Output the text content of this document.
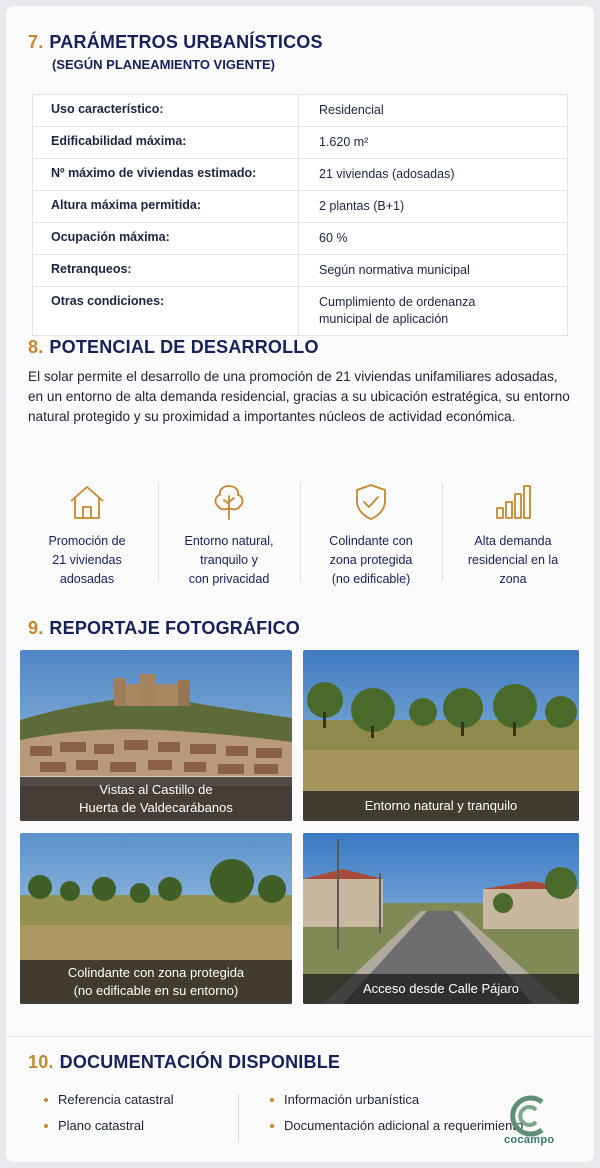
7. PARÁMETROS URBANÍSTICOS
(SEGÚN PLANEAMIENTO VIGENTE)
Uso característico:	Residencial
Edificabilidad máxima:	1.620 m²
Nº máximo de viviendas estimado:	21 viviendas (adosadas)
Altura máxima permitida:	2 plantas (B+1)
Ocupación máxima:	60 %
Retranqueos:	Según normativa municipal
Otras condiciones:	Cumplimiento de ordenanza municipal de aplicación
8. POTENCIAL DE DESARROLLO
El solar permite el desarrollo de una promoción de 21 viviendas unifamiliares adosadas, en un entorno de alta demanda residencial, gracias a su ubicación estratégica, su entorno natural protegido y su proximidad a importantes núcleos de actividad económica.
Promoción de
21 viviendas
adosadas
Entorno natural,
tranquilo y
con privacidad
Colindante con
zona protegida
(no edificable)
Alta demanda
residencial en la
zona
9. REPORTAJE FOTOGRÁFICO
Vistas al Castillo de
Huerta de Valdecarábanos	Entorno natural y tranquilo
Colindante con zona protegida
(no edificable en su entorno)	Acceso desde Calle Pájaro
10. DOCUMENTACIÓN DISPONIBLE
Referencia catastral
Plano catastral
Información urbanística
Documentación adicional a requerimiento
cocampo
